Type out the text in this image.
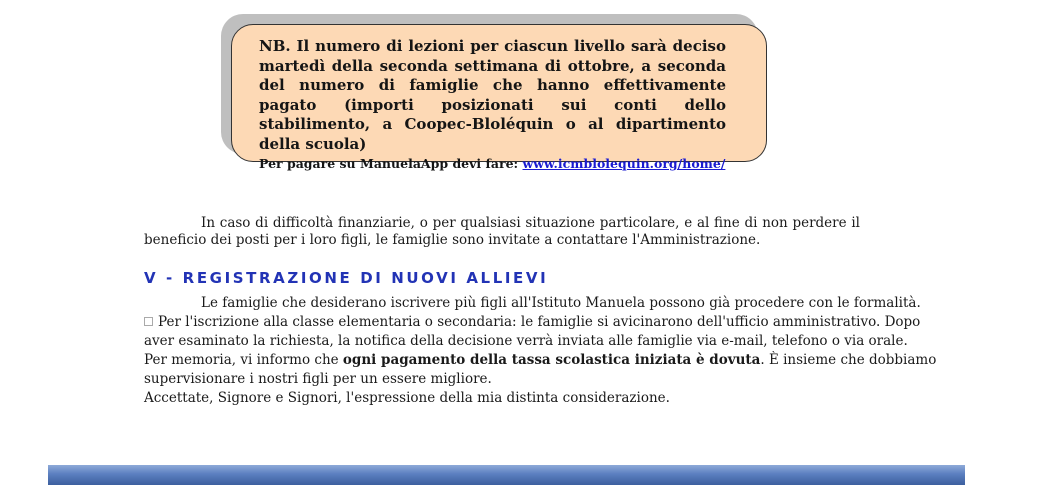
NB. Il numero di lezioni per ciascun livello sarà deciso martedì della seconda settimana di ottobre, a seconda del numero di famiglie che hanno effettivamente pagato (importi posizionati sui conti dello stabilimento, a Coopec-Bloléquin o al dipartimento della scuola)
Per pagare su ManuelaApp devi fare: www.icmblolequin.org/home/
In caso di difficoltà finanziarie, o per qualsiasi situazione particolare, e al fine di non perdere il beneficio dei posti per i loro figli, le famiglie sono invitate a contattare l'Amministrazione.
V - REGISTRAZIONE DI NUOVI ALLIEVI
Le famiglie che desiderano iscrivere più figli all'Istituto Manuela possono già procedere con le formalità.
Per l'iscrizione alla classe elementaria o secondaria: le famiglie si avicinarono dell'ufficio amministrativo. Dopo
aver esaminato la richiesta, la notifica della decisione verrà inviata alle famiglie via e-mail, telefono o via orale.
Per memoria, vi informo che ogni pagamento della tassa scolastica iniziata è dovuta. È insieme che dobbiamo
supervisionare i nostri figli per un essere migliore.
Accettate, Signore e Signori, l'espressione della mia distinta considerazione.
